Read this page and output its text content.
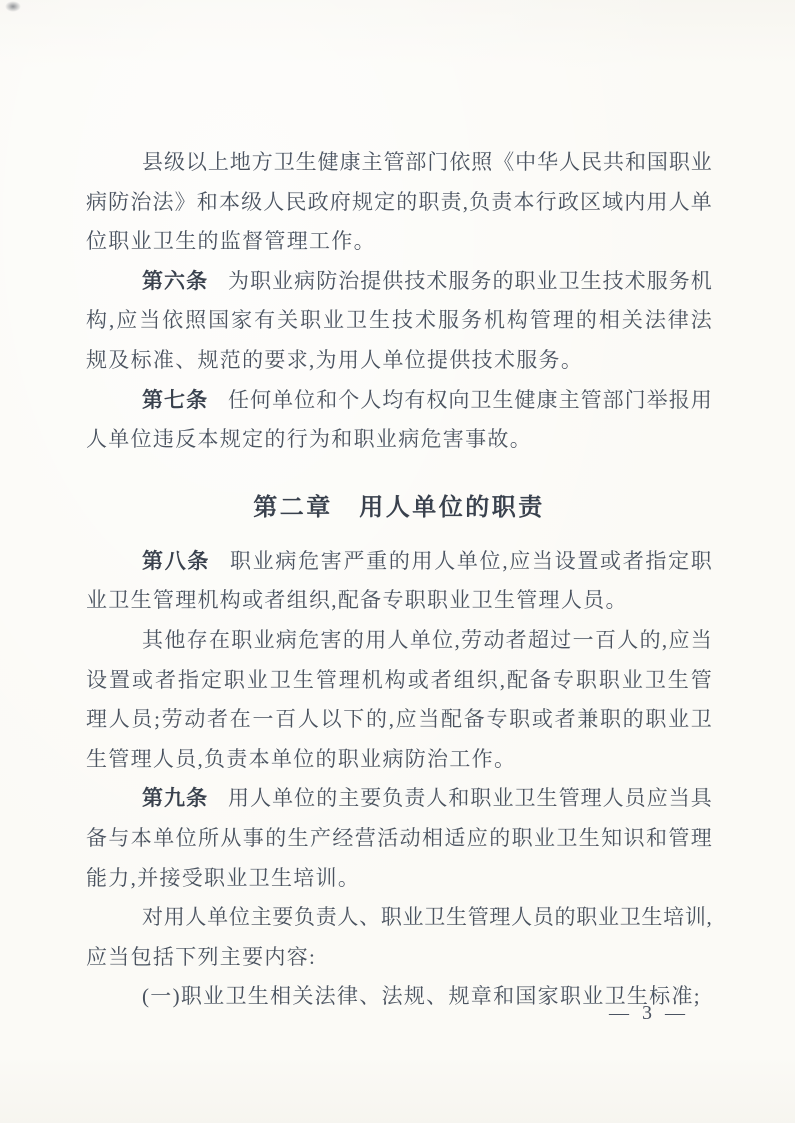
县级以上地方卫生健康主管部门依照《中华人民共和国职业
病防治法》和本级人民政府规定的职责,负责本行政区域内用人单
位职业卫生的监督管理工作。
第六条 为职业病防治提供技术服务的职业卫生技术服务机
构,应当依照国家有关职业卫生技术服务机构管理的相关法律法
规及标准、规范的要求,为用人单位提供技术服务。
第七条 任何单位和个人均有权向卫生健康主管部门举报用
人单位违反本规定的行为和职业病危害事故。
第二章　用人单位的职责
第八条 职业病危害严重的用人单位,应当设置或者指定职
业卫生管理机构或者组织,配备专职职业卫生管理人员。
其他存在职业病危害的用人单位,劳动者超过一百人的,应当
设置或者指定职业卫生管理机构或者组织,配备专职职业卫生管
理人员;劳动者在一百人以下的,应当配备专职或者兼职的职业卫
生管理人员,负责本单位的职业病防治工作。
第九条 用人单位的主要负责人和职业卫生管理人员应当具
备与本单位所从事的生产经营活动相适应的职业卫生知识和管理
能力,并接受职业卫生培训。
对用人单位主要负责人、职业卫生管理人员的职业卫生培训,
应当包括下列主要内容:
(一)职业卫生相关法律、法规、规章和国家职业卫生标准;
— 3 —
